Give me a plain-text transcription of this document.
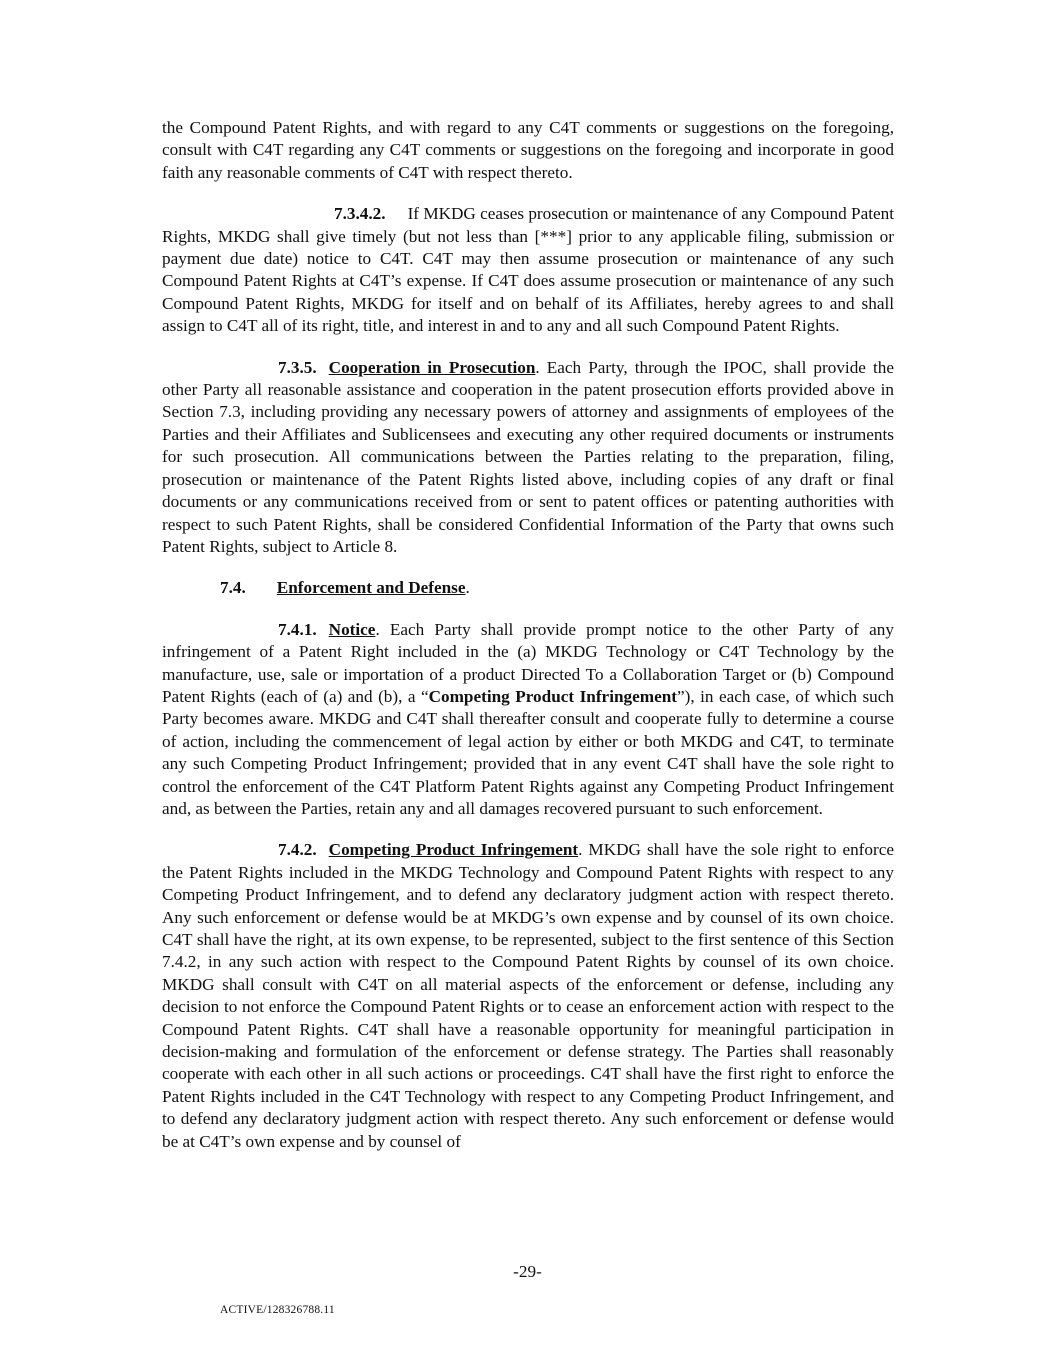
the Compound Patent Rights, and with regard to any C4T comments or suggestions on the foregoing, consult with C4T regarding any C4T comments or suggestions on the foregoing and incorporate in good faith any reasonable comments of C4T with respect thereto.

7.3.4.2. If MKDG ceases prosecution or maintenance of any Compound Patent Rights, MKDG shall give timely (but not less than [***] prior to any applicable filing, submission or payment due date) notice to C4T. C4T may then assume prosecution or maintenance of any such Compound Patent Rights at C4T’s expense. If C4T does assume prosecution or maintenance of any such Compound Patent Rights, MKDG for itself and on behalf of its Affiliates, hereby agrees to and shall assign to C4T all of its right, title, and interest in and to any and all such Compound Patent Rights.

7.3.5. Cooperation in Prosecution. Each Party, through the IPOC, shall provide the other Party all reasonable assistance and cooperation in the patent prosecution efforts provided above in Section 7.3, including providing any necessary powers of attorney and assignments of employees of the Parties and their Affiliates and Sublicensees and executing any other required documents or instruments for such prosecution. All communications between the Parties relating to the preparation, filing, prosecution or maintenance of the Patent Rights listed above, including copies of any draft or final documents or any communications received from or sent to patent offices or patenting authorities with respect to such Patent Rights, shall be considered Confidential Information of the Party that owns such Patent Rights, subject to Article 8.

7.4. Enforcement and Defense.

7.4.1. Notice. Each Party shall provide prompt notice to the other Party of any infringement of a Patent Right included in the (a) MKDG Technology or C4T Technology by the manufacture, use, sale or importation of a product Directed To a Collaboration Target or (b) Compound Patent Rights (each of (a) and (b), a “Competing Product Infringement”), in each case, of which such Party becomes aware. MKDG and C4T shall thereafter consult and cooperate fully to determine a course of action, including the commencement of legal action by either or both MKDG and C4T, to terminate any such Competing Product Infringement; provided that in any event C4T shall have the sole right to control the enforcement of the C4T Platform Patent Rights against any Competing Product Infringement and, as between the Parties, retain any and all damages recovered pursuant to such enforcement.

7.4.2. Competing Product Infringement. MKDG shall have the sole right to enforce the Patent Rights included in the MKDG Technology and Compound Patent Rights with respect to any Competing Product Infringement, and to defend any declaratory judgment action with respect thereto. Any such enforcement or defense would be at MKDG’s own expense and by counsel of its own choice. C4T shall have the right, at its own expense, to be represented, subject to the first sentence of this Section 7.4.2, in any such action with respect to the Compound Patent Rights by counsel of its own choice. MKDG shall consult with C4T on all material aspects of the enforcement or defense, including any decision to not enforce the Compound Patent Rights or to cease an enforcement action with respect to the Compound Patent Rights. C4T shall have a reasonable opportunity for meaningful participation in decision-making and formulation of the enforcement or defense strategy. The Parties shall reasonably cooperate with each other in all such actions or proceedings. C4T shall have the first right to enforce the Patent Rights included in the C4T Technology with respect to any Competing Product Infringement, and to defend any declaratory judgment action with respect thereto. Any such enforcement or defense would be at C4T’s own expense and by counsel of

-29-
ACTIVE/128326788.11
